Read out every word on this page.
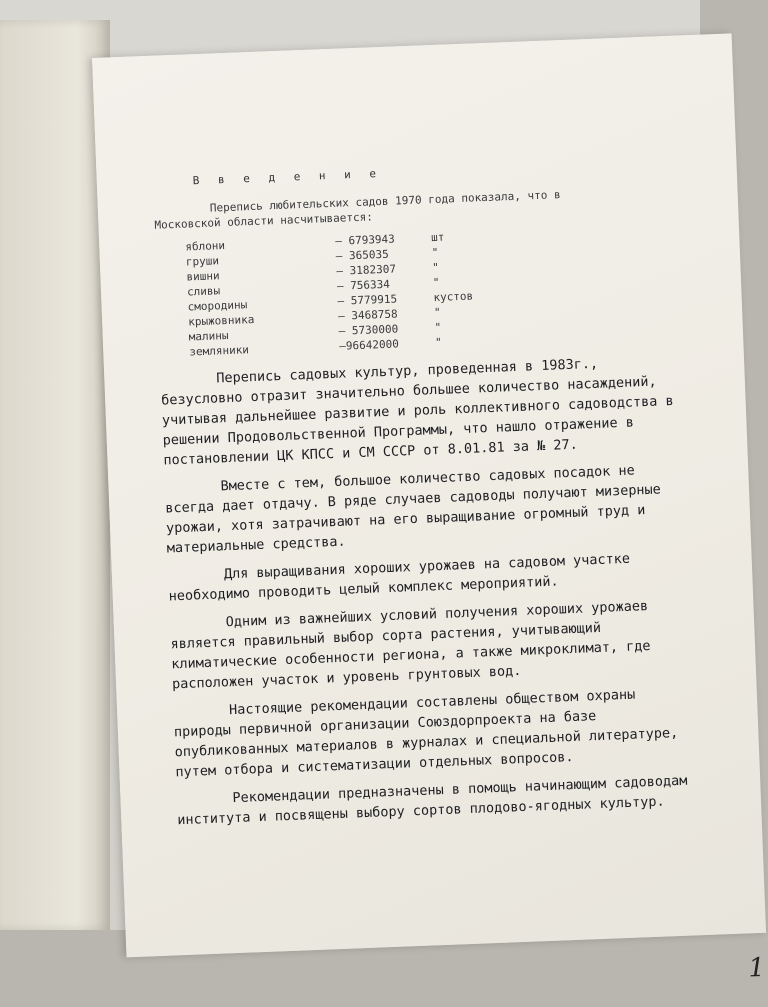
В в е д е н и е

Перепись любительских садов 1970 года показала, что в
Московской области насчитывается:

яблони	– 6793943	шт
груши	– 365035	"
вишни	– 3182307	"
сливы	– 756334	"
смородины	– 5779915	кустов
крыжовника	– 3468758	"
малины	– 5730000	"
земляники	–96642000	"

Перепись садовых культур, проведенная в 1983г., безусловно отразит значительно большее количество насаждений, учитывая дальнейшее развитие и роль коллективного садоводства в решении Продовольственной Программы, что нашло отражение в постановлении ЦК КПСС и СМ СССР от 8.01.81 за № 27.

Вместе с тем, большое количество садовых посадок не всегда дает отдачу. В ряде случаев садоводы получают мизерные урожаи, хотя затрачивают на его выращивание огромный труд и материальные средства.

Для выращивания хороших урожаев на садовом участке необходимо проводить целый комплекс мероприятий.

Одним из важнейших условий получения хороших урожаев является правильный выбор сорта растения, учитывающий климатические особенности региона, а также микроклимат, где расположен участок и уровень грунтовых вод.

Настоящие рекомендации составлены обществом охраны природы первичной организации Союздорпроекта на базе опубликованных материалов в журналах и специальной литературе, путем отбора и систематизации отдельных вопросов.

Рекомендации предназначены в помощь начинающим садоводам института и посвящены выбору сортов плодово-ягодных культур.

1
